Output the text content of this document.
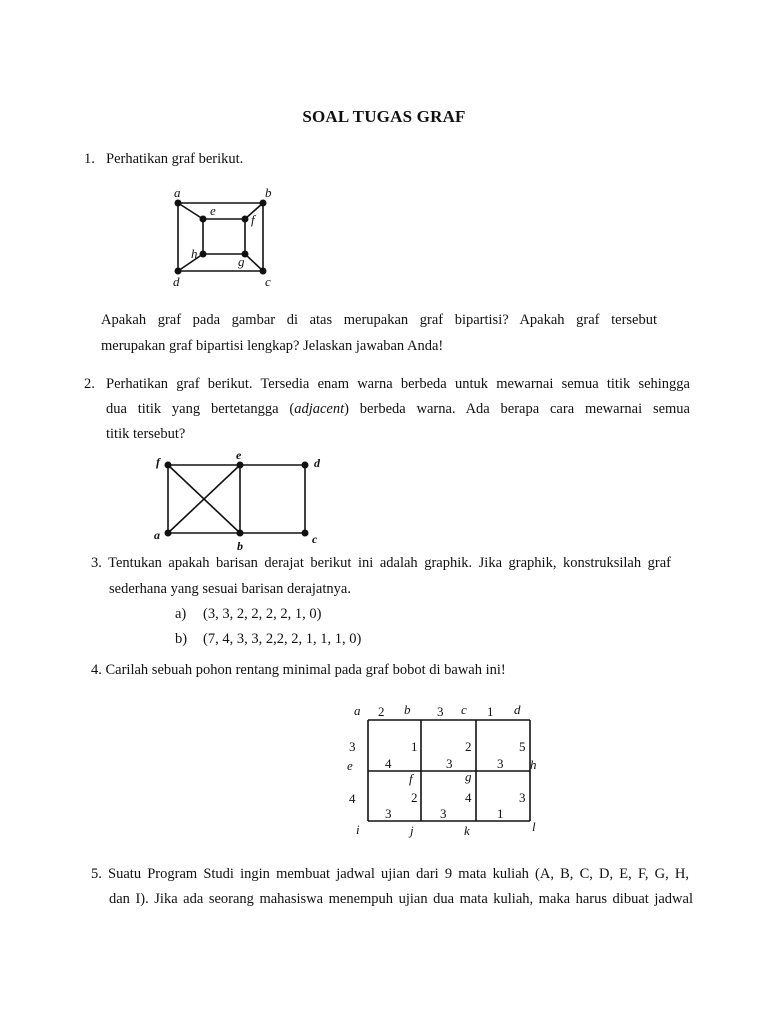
SOAL TUGAS GRAF
1. Perhatikan graf berikut.
a	b
c
d
e
f
h
g
f	e
d
a
b	c
a	b	c	d
e
f	g
h
i	j	k	l
2	3	1
3	1	2	5
4	3	3
4	2	4	3
3	3	1
Apakah graf pada gambar di atas merupakan graf bipartisi? Apakah graf tersebut
merupakan graf bipartisi lengkap? Jelaskan jawaban Anda!
2. Perhatikan graf berikut. Tersedia enam warna berbeda untuk mewarnai semua titik sehingga
dua titik yang bertetangga (adjacent) berbeda warna. Ada berapa cara mewarnai semua
titik tersebut?
3. Tentukan apakah barisan derajat berikut ini adalah graphik. Jika graphik, konstruksilah graf
sederhana yang sesuai barisan derajatnya.
a) (3, 3, 2, 2, 2, 2, 1, 0)
b) (7, 4, 3, 3, 2,2, 2, 1, 1, 1, 0)
4. Carilah sebuah pohon rentang minimal pada graf bobot di bawah ini!
5. Suatu Program Studi ingin membuat jadwal ujian dari 9 mata kuliah (A, B, C, D, E, F, G, H,
dan I). Jika ada seorang mahasiswa menempuh ujian dua mata kuliah, maka harus dibuat jadwal
